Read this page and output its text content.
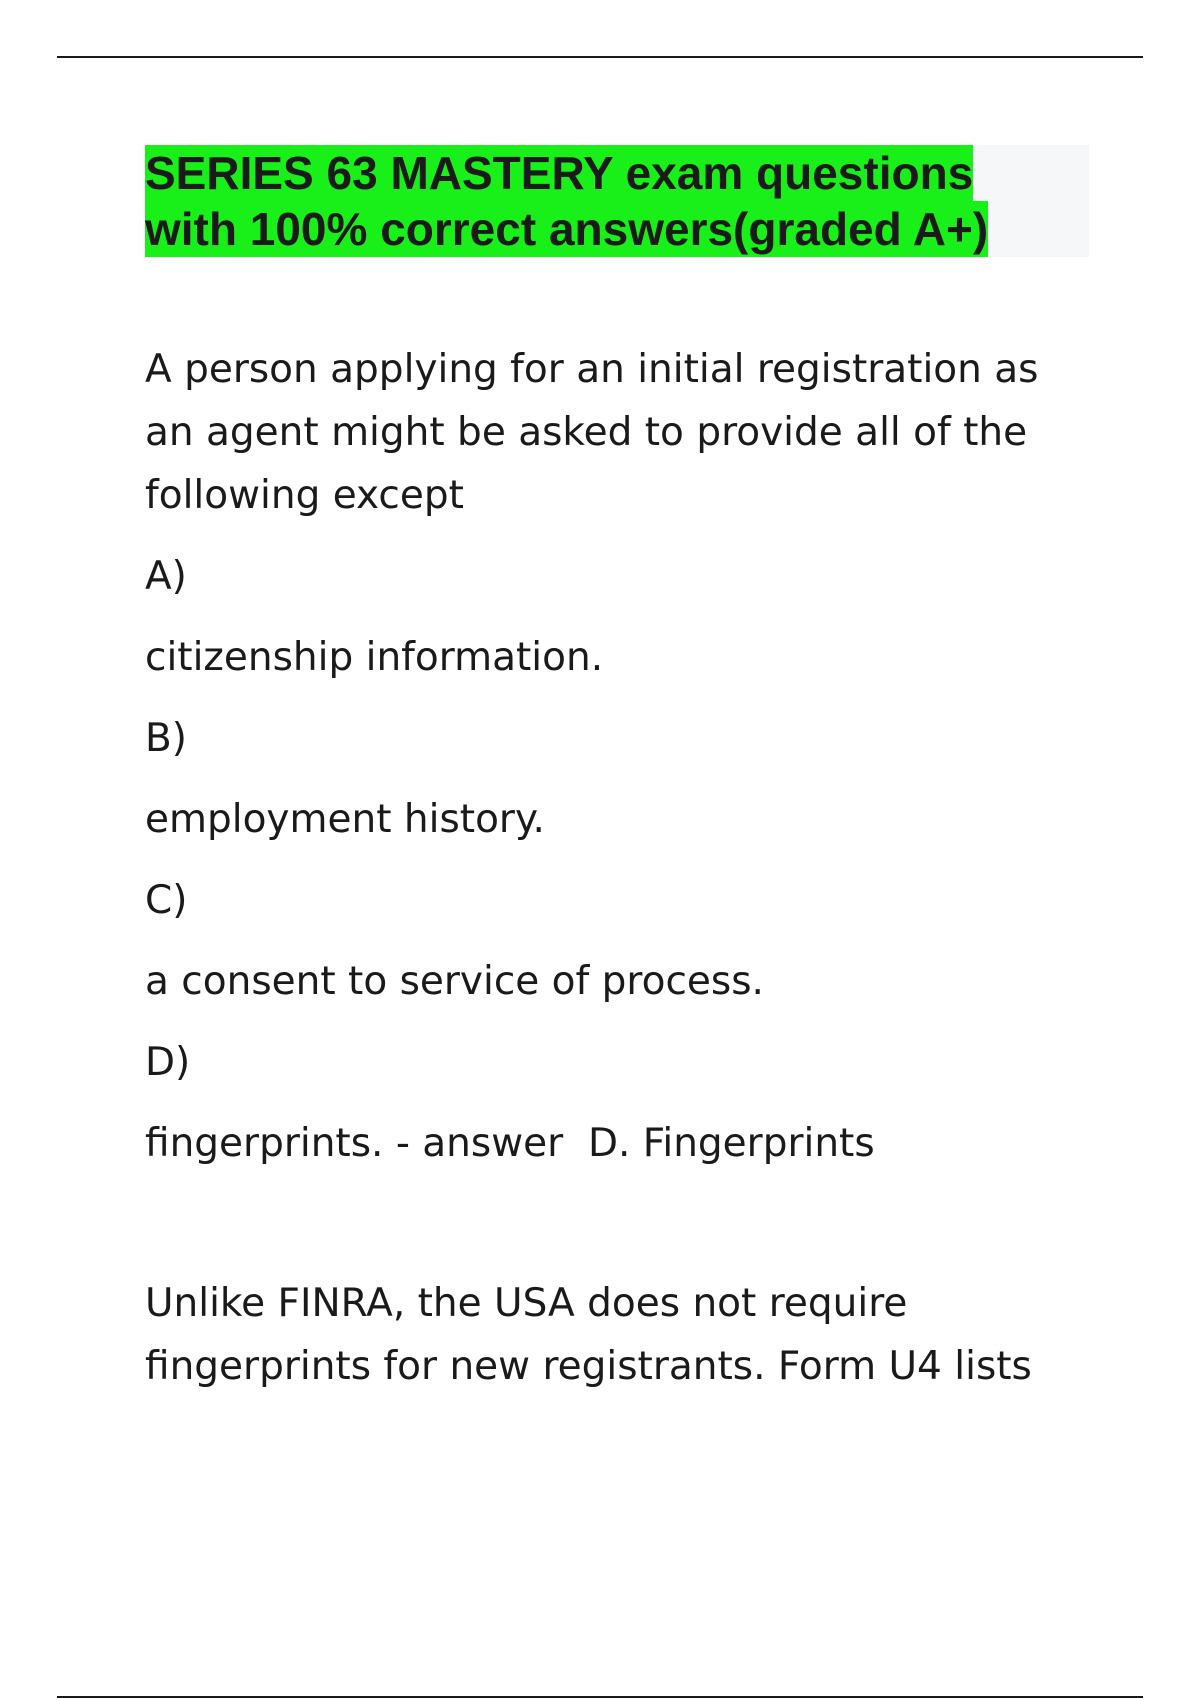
SERIES 63 MASTERY exam questions
with 100% correct answers(graded A+)

A person applying for an initial registration as an agent might be asked to provide all of the following except

A)

citizenship information.

B)

employment history.

C)

a consent to service of process.

D)

fingerprints. - answer  D. Fingerprints

Unlike FINRA, the USA does not require fingerprints for new registrants. Form U4 lists
